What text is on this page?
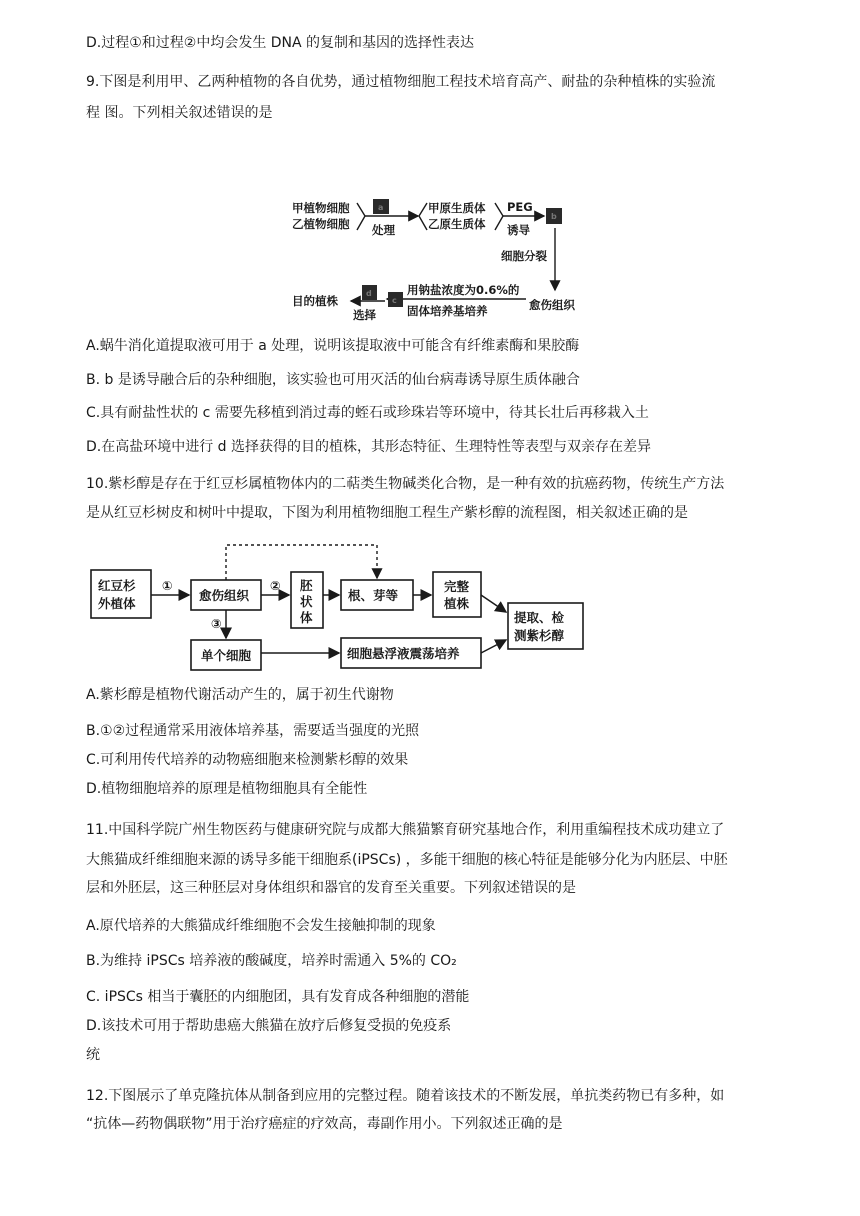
D.过程①和过程②中均会发生 DNA 的复制和基因的选择性表达
9.下图是利用甲、乙两种植物的各自优势，通过植物细胞工程技术培育高产、耐盐的杂种植株的实验流
程 图。下列相关叙述错误的是
甲植物细胞
乙植物细胞
a
处理
甲原生质体
乙原生质体
PEG
诱导
b
细胞分裂
愈伤组织
用钠盐浓度为0.6%的
固体培养基培养
c
d
选择
目的植株
A.蜗牛消化道提取液可用于 a 处理，说明该提取液中可能含有纤维素酶和果胶酶
B. b 是诱导融合后的杂种细胞，该实验也可用灭活的仙台病毒诱导原生质体融合
C.具有耐盐性状的 c 需要先移植到消过毒的蛭石或珍珠岩等环境中，待其长壮后再移栽入土
D.在高盐环境中进行 d 选择获得的目的植株，其形态特征、生理特性等表型与双亲存在差异
10.紫杉醇是存在于红豆杉属植物体内的二萜类生物碱类化合物，是一种有效的抗癌药物，传统生产方法
是从红豆杉树皮和树叶中提取，下图为利用植物细胞工程生产紫杉醇的流程图，相关叙述正确的是
红豆杉
外植体
①
愈伤组织
② 胚
状
体
根、芽等
完整
植株
提取、检
测紫杉醇
③
单个细胞	细胞悬浮液震荡培养
A.紫杉醇是植物代谢活动产生的，属于初生代谢物
B.①②过程通常采用液体培养基，需要适当强度的光照
C.可利用传代培养的动物癌细胞来检测紫杉醇的效果
D.植物细胞培养的原理是植物细胞具有全能性
11.中国科学院广州生物医药与健康研究院与成都大熊猫繁育研究基地合作，利用重编程技术成功建立了
大熊猫成纤维细胞来源的诱导多能干细胞系(iPSCs) ，多能干细胞的核心特征是能够分化为内胚层、中胚
层和外胚层，这三种胚层对身体组织和器官的发育至关重要。下列叙述错误的是
A.原代培养的大熊猫成纤维细胞不会发生接触抑制的现象
B.为维持 iPSCs 培养液的酸碱度，培养时需通入 5%的 CO₂
C. iPSCs 相当于囊胚的内细胞团，具有发育成各种细胞的潜能
D.该技术可用于帮助患癌大熊猫在放疗后修复受损的免疫系
统
12.下图展示了单克隆抗体从制备到应用的完整过程。随着该技术的不断发展，单抗类药物已有多种，如
“抗体—药物偶联物”用于治疗癌症的疗效高，毒副作用小。下列叙述正确的是
